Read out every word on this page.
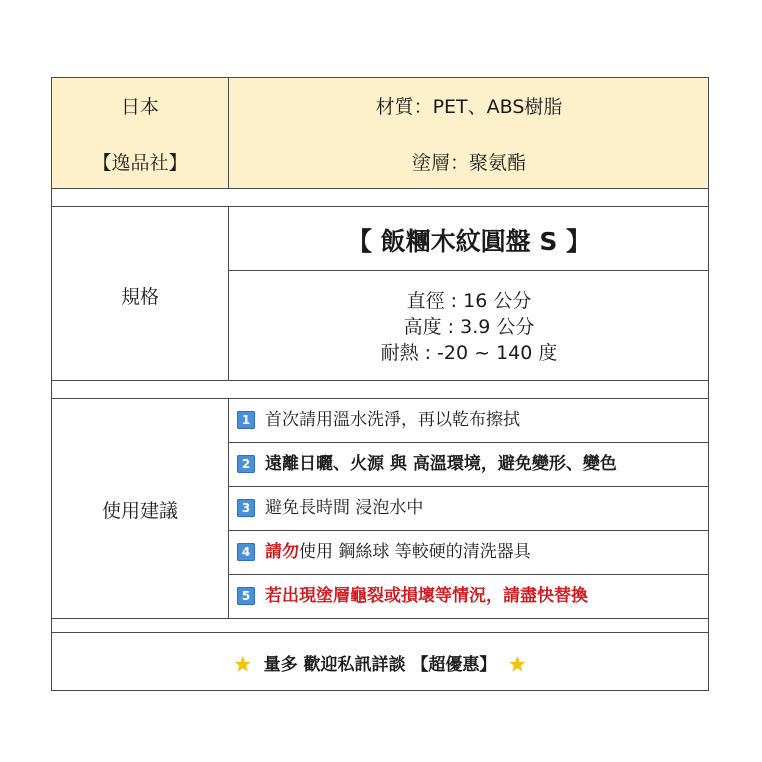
日本
【逸品社】
材質：PET、ABS樹脂
塗層：聚氨酯
規格
【 飯糰木紋圓盤 S 】
直徑 : 16 公分
高度 : 3.9 公分
耐熱 : -20 ~ 140 度
使用建議
1 首次請用溫水洗淨，再以乾布擦拭
2 遠離日曬、火源 與 高溫環境，避免變形、變色
3 避免長時間 浸泡水中
4 請勿使用 鋼絲球 等較硬的清洗器具
5 若出現塗層龜裂或損壞等情況，請盡快替換
★ 量多 歡迎私訊詳談 【超優惠】 ★
